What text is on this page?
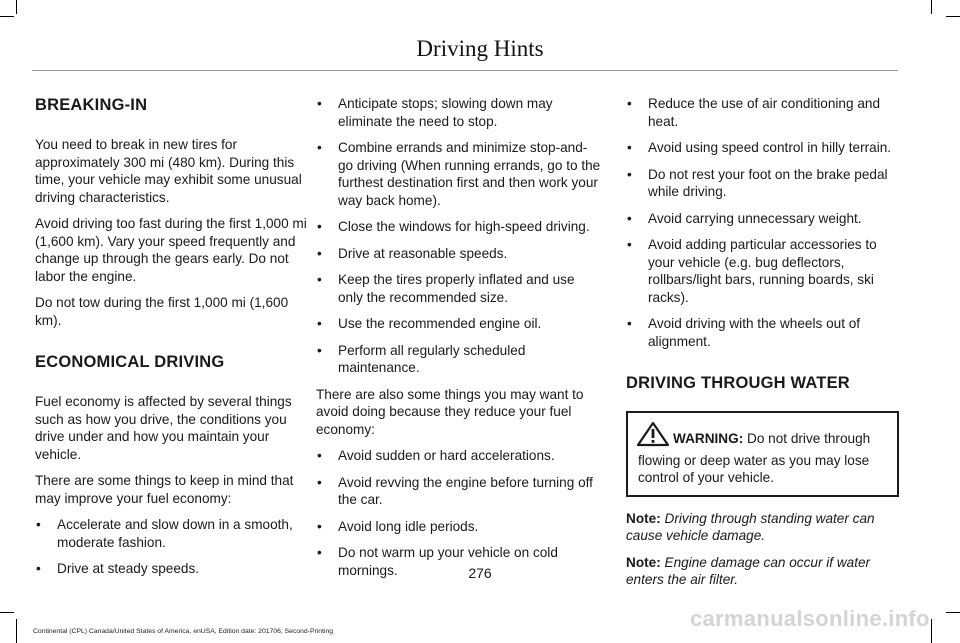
Driving Hints
BREAKING-IN

You need to break in new tires for approximately 300 mi (480 km). During this time, your vehicle may exhibit some unusual driving characteristics.

Avoid driving too fast during the first 1,000 mi (1,600 km). Vary your speed frequently and change up through the gears early. Do not labor the engine.

Do not tow during the first 1,000 mi (1,600 km).

ECONOMICAL DRIVING

Fuel economy is affected by several things such as how you drive, the conditions you drive under and how you maintain your vehicle.

There are some things to keep in mind that may improve your fuel economy:

• Accelerate and slow down in a smooth, moderate fashion.
• Drive at steady speeds.
• Anticipate stops; slowing down may eliminate the need to stop.
• Combine errands and minimize stop-and-go driving (When running errands, go to the furthest destination first and then work your way back home).
• Close the windows for high-speed driving.
• Drive at reasonable speeds.
• Keep the tires properly inflated and use only the recommended size.
• Use the recommended engine oil.
• Perform all regularly scheduled maintenance.

There are also some things you may want to avoid doing because they reduce your fuel economy:

• Avoid sudden or hard accelerations.
• Avoid revving the engine before turning off the car.
• Avoid long idle periods.
• Do not warm up your vehicle on cold mornings.
• Reduce the use of air conditioning and heat.
• Avoid using speed control in hilly terrain.
• Do not rest your foot on the brake pedal while driving.
• Avoid carrying unnecessary weight.
• Avoid adding particular accessories to your vehicle (e.g. bug deflectors, rollbars/light bars, running boards, ski racks).
• Avoid driving with the wheels out of alignment.
DRIVING THROUGH WATER
WARNING: Do not drive through flowing or deep water as you may lose control of your vehicle.

Note: Driving through standing water can cause vehicle damage.

Note: Engine damage can occur if water enters the air filter.

276
Continental (CPL) Canada/United States of America, enUSA, Edition date: 201706, Second-Printing
carmanualsonline.info
